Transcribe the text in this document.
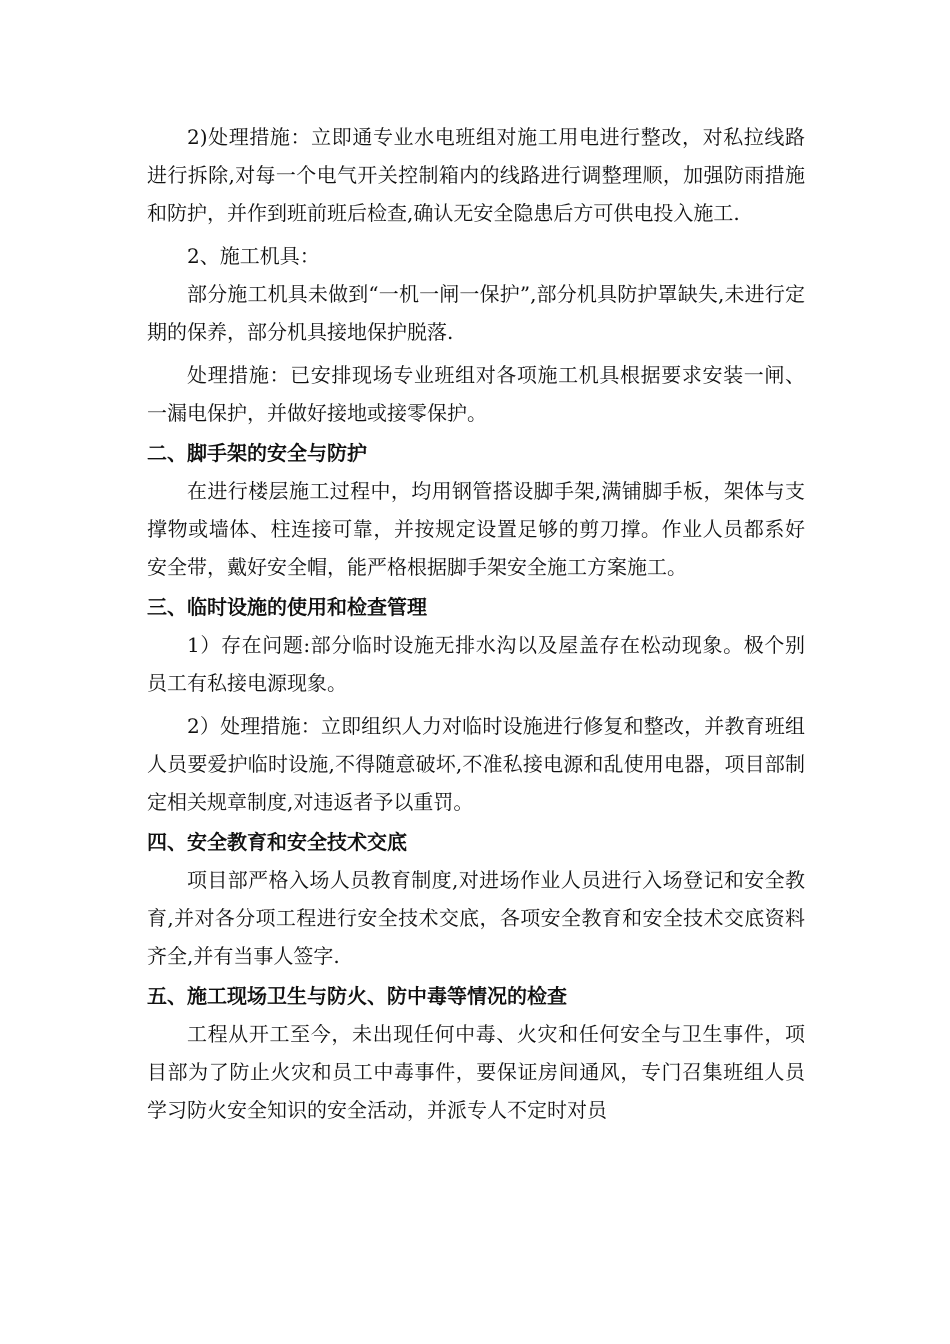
2)处理措施：立即通专业水电班组对施工用电进行整改，对私拉线路进行拆除,对每一个电气开关控制箱内的线路进行调整理顺，加强防雨措施和防护，并作到班前班后检查,确认无安全隐患后方可供电投入施工.

2、施工机具：

部分施工机具未做到“一机一闸一保护”,部分机具防护罩缺失,未进行定期的保养，部分机具接地保护脱落.

处理措施：已安排现场专业班组对各项施工机具根据要求安装一闸、一漏电保护，并做好接地或接零保护。

二、脚手架的安全与防护

在进行楼层施工过程中，均用钢管搭设脚手架,满铺脚手板，架体与支撑物或墙体、柱连接可靠，并按规定设置足够的剪刀撑。作业人员都系好安全带，戴好安全帽，能严格根据脚手架安全施工方案施工。

三、临时设施的使用和检查管理

1）存在问题:部分临时设施无排水沟以及屋盖存在松动现象。极个别员工有私接电源现象。

2）处理措施：立即组织人力对临时设施进行修复和整改，并教育班组人员要爱护临时设施,不得随意破坏,不准私接电源和乱使用电器，项目部制定相关规章制度,对违返者予以重罚。

四、安全教育和安全技术交底

项目部严格入场人员教育制度,对进场作业人员进行入场登记和安全教育,并对各分项工程进行安全技术交底，各项安全教育和安全技术交底资料齐全,并有当事人签字.

五、施工现场卫生与防火、防中毒等情况的检查

工程从开工至今，未出现任何中毒、火灾和任何安全与卫生事件，项目部为了防止火灾和员工中毒事件，要保证房间通风，专门召集班组人员学习防火安全知识的安全活动，并派专人不定时对员
